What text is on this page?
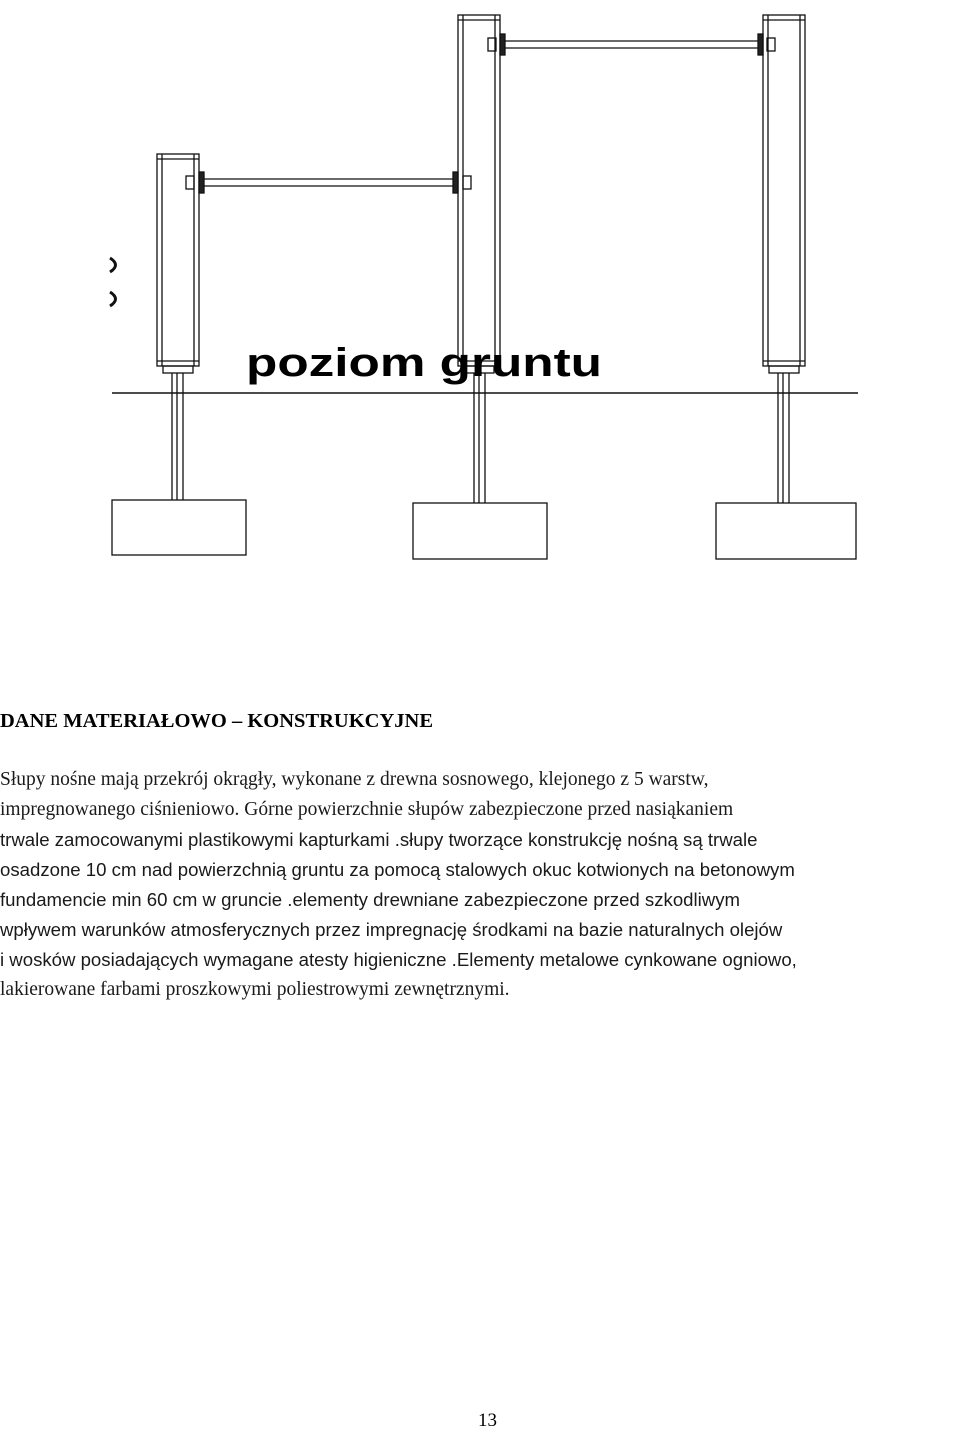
poziom gruntu
DANE MATERIAŁOWO – KONSTRUKCYJNE
Słupy nośne mają przekrój okrągły, wykonane z drewna sosnowego, klejonego z 5 warstw,
impregnowanego ciśnieniowo. Górne powierzchnie słupów zabezpieczone przed nasiąkaniem
trwale zamocowanymi plastikowymi kapturkami .słupy tworzące konstrukcję nośną są trwale
osadzone 10 cm nad powierzchnią gruntu za pomocą stalowych okuc kotwionych na betonowym
fundamencie min 60 cm w gruncie .elementy drewniane zabezpieczone przed szkodliwym
wpływem warunków atmosferycznych przez impregnację środkami na bazie naturalnych olejów
i wosków posiadających wymagane atesty higieniczne .Elementy metalowe cynkowane ogniowo,
lakierowane farbami proszkowymi poliestrowymi zewnętrznymi.
13
